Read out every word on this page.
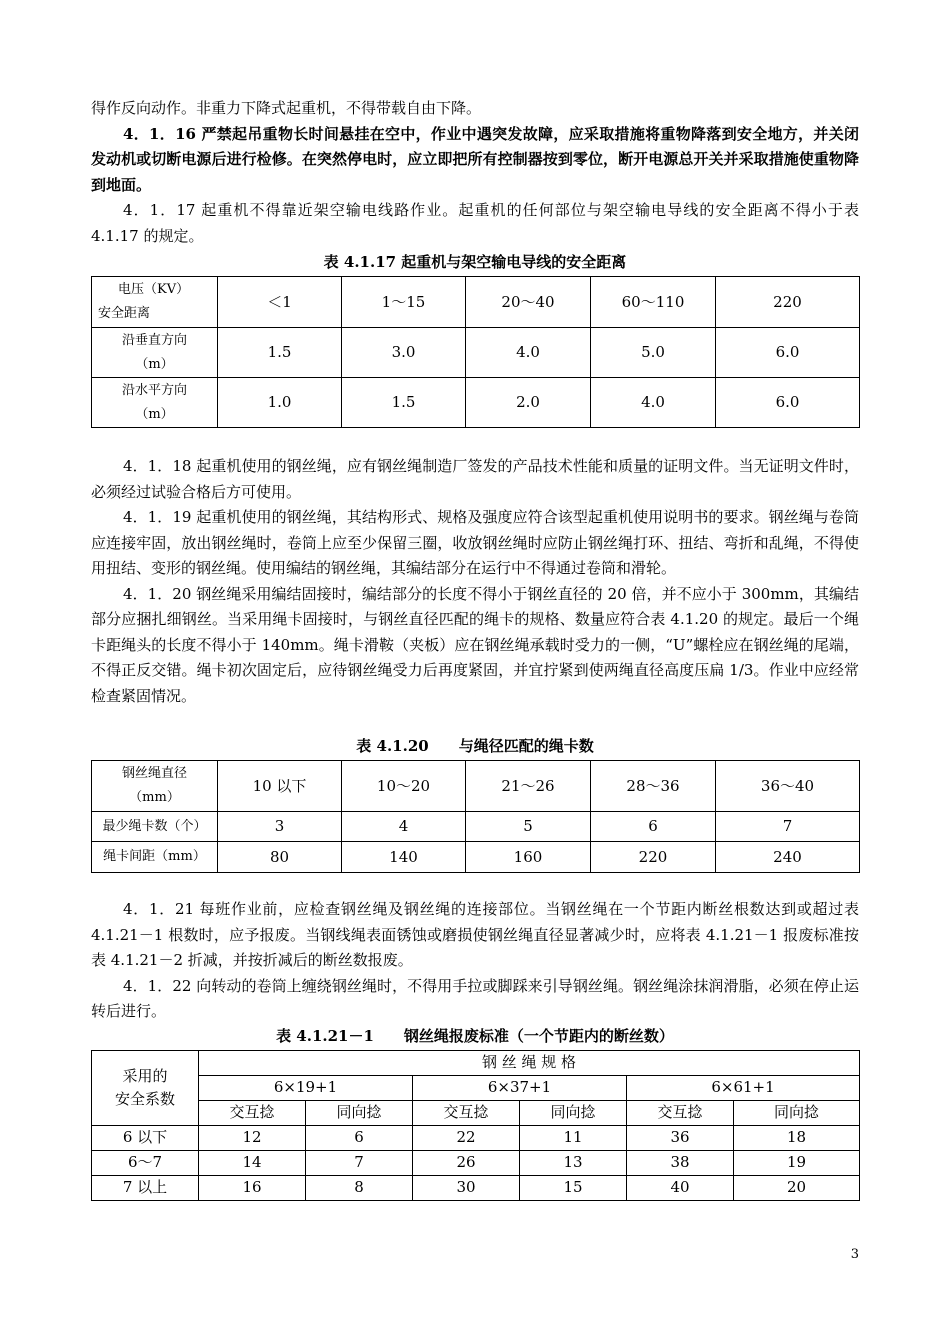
得作反向动作。非重力下降式起重机，不得带载自由下降。

4．1．16 严禁起吊重物长时间悬挂在空中，作业中遇突发故障，应采取措施将重物降落到安全地方，并关闭发动机或切断电源后进行检修。在突然停电时，应立即把所有控制器按到零位，断开电源总开关并采取措施使重物降到地面。

4．1．17 起重机不得靠近架空输电线路作业。起重机的任何部位与架空输电导线的安全距离不得小于表 4.1.17 的规定。

表 4.1.17 起重机与架空输电导线的安全距离
电压（KV）
安全距离	＜1	1～15	20～40	60～110	220

沿垂直方向
（m）	1.5	3.0	4.0	5.0	6.0

沿水平方向
（m）	1.0	1.5	2.0	4.0	6.0

4．1．18 起重机使用的钢丝绳，应有钢丝绳制造厂签发的产品技术性能和质量的证明文件。当无证明文件时，必须经过试验合格后方可使用。

4．1．19 起重机使用的钢丝绳，其结构形式、规格及强度应符合该型起重机使用说明书的要求。钢丝绳与卷筒应连接牢固，放出钢丝绳时，卷筒上应至少保留三圈，收放钢丝绳时应防止钢丝绳打环、扭结、弯折和乱绳，不得使用扭结、变形的钢丝绳。使用编结的钢丝绳，其编结部分在运行中不得通过卷筒和滑轮。

4．1．20 钢丝绳采用编结固接时，编结部分的长度不得小于钢丝直径的 20 倍，并不应小于 300mm，其编结部分应捆扎细钢丝。当采用绳卡固接时，与钢丝直径匹配的绳卡的规格、数量应符合表 4.1.20 的规定。最后一个绳卡距绳头的长度不得小于 140mm。绳卡滑鞍（夹板）应在钢丝绳承载时受力的一侧，“U”螺栓应在钢丝绳的尾端，不得正反交错。绳卡初次固定后，应待钢丝绳受力后再度紧固，并宜拧紧到使两绳直径高度压扁 1/3。作业中应经常检查紧固情况。

表 4.1.20　　与绳径匹配的绳卡数
钢丝绳直径
（mm）	10 以下	10～20	21～26	28～36	36～40
最少绳卡数（个）	3	4	5	6	7
绳卡间距（mm）	80	140	160	220	240

4．1．21 每班作业前，应检查钢丝绳及钢丝绳的连接部位。当钢丝绳在一个节距内断丝根数达到或超过表 4.1.21－1 根数时，应予报废。当钢线绳表面锈蚀或磨损使钢丝绳直径显著减少时，应将表 4.1.21－1 报废标准按表 4.1.21－2 折减，并按折减后的断丝数报废。

4．1．22 向转动的卷筒上缠绕钢丝绳时，不得用手拉或脚踩来引导钢丝绳。钢丝绳涂抹润滑脂，必须在停止运转后进行。

表 4.1.21－1　　钢丝绳报废标准（一个节距内的断丝数）
采用的
安全系数	钢 丝 绳 规 格					
	6×19+1		6×37+1		6×61+1	
	交互捻	同向捻	交互捻	同向捻	交互捻	同向捻
6 以下	12	6	22	11	36	18
6～7	14	7	26	13	38	19
7 以上	16	8	30	15	40	20
3
